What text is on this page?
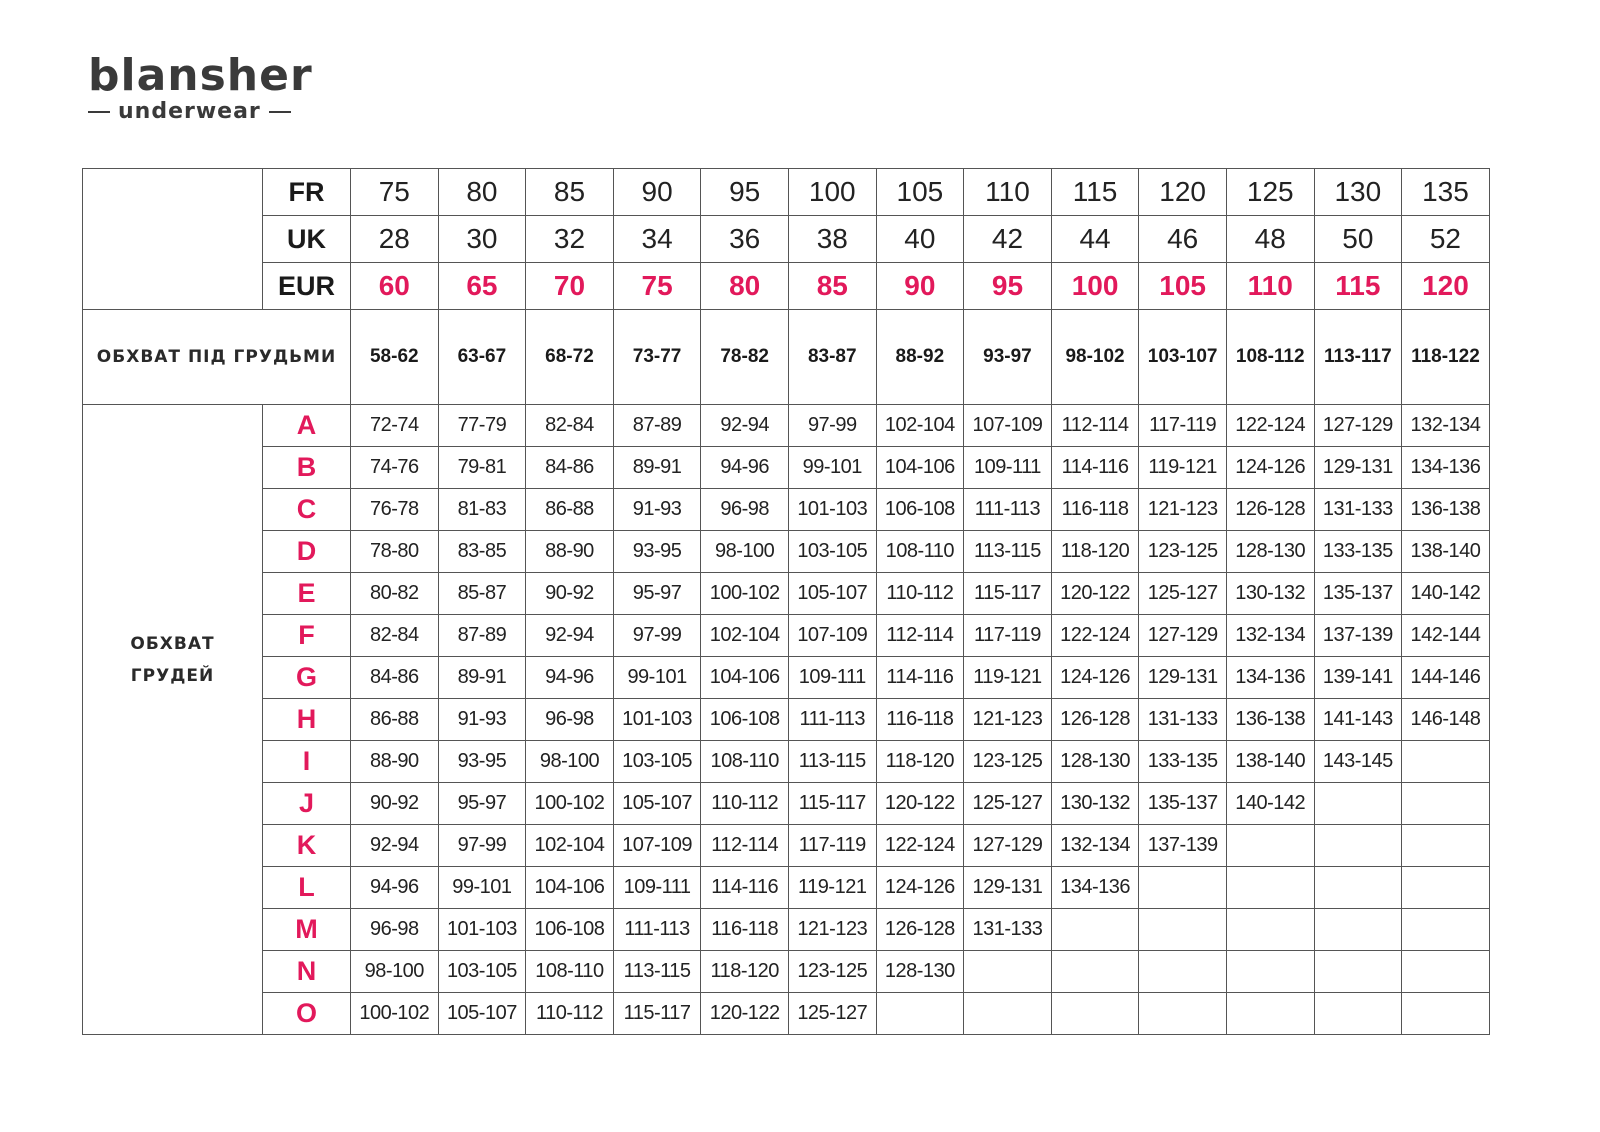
blansher
underwear
	FR	75	80	85	90	95	100	105	110	115	120	125	130	135
	UK	28	30	32	34	36	38	40	42	44	46	48	50	52
	EUR	60	65	70	75	80	85	90	95	100	105	110	115	120
ОБХВАТ ПІД ГРУДЬМИ		58-62	63-67	68-72	73-77	78-82	83-87	88-92	93-97	98-102	103-107	108-112	113-117	118-122

ОБХВАТ
ГРУДЕЙ	A	72-74	77-79	82-84	87-89	92-94	97-99	102-104	107-109	112-114	117-119	122-124	127-129	132-134
	B	74-76	79-81	84-86	89-91	94-96	99-101	104-106	109-111	114-116	119-121	124-126	129-131	134-136
	C	76-78	81-83	86-88	91-93	96-98	101-103	106-108	111-113	116-118	121-123	126-128	131-133	136-138
	D	78-80	83-85	88-90	93-95	98-100	103-105	108-110	113-115	118-120	123-125	128-130	133-135	138-140
	E	80-82	85-87	90-92	95-97	100-102	105-107	110-112	115-117	120-122	125-127	130-132	135-137	140-142
	F	82-84	87-89	92-94	97-99	102-104	107-109	112-114	117-119	122-124	127-129	132-134	137-139	142-144
	G	84-86	89-91	94-96	99-101	104-106	109-111	114-116	119-121	124-126	129-131	134-136	139-141	144-146
	H	86-88	91-93	96-98	101-103	106-108	111-113	116-118	121-123	126-128	131-133	136-138	141-143	146-148
	I	88-90	93-95	98-100	103-105	108-110	113-115	118-120	123-125	128-130	133-135	138-140	143-145	
	J	90-92	95-97	100-102	105-107	110-112	115-117	120-122	125-127	130-132	135-137	140-142		
	K	92-94	97-99	102-104	107-109	112-114	117-119	122-124	127-129	132-134	137-139			
	L	94-96	99-101	104-106	109-111	114-116	119-121	124-126	129-131	134-136				
	M	96-98	101-103	106-108	111-113	116-118	121-123	126-128	131-133					
	N	98-100	103-105	108-110	113-115	118-120	123-125	128-130						
	O	100-102	105-107	110-112	115-117	120-122	125-127							
